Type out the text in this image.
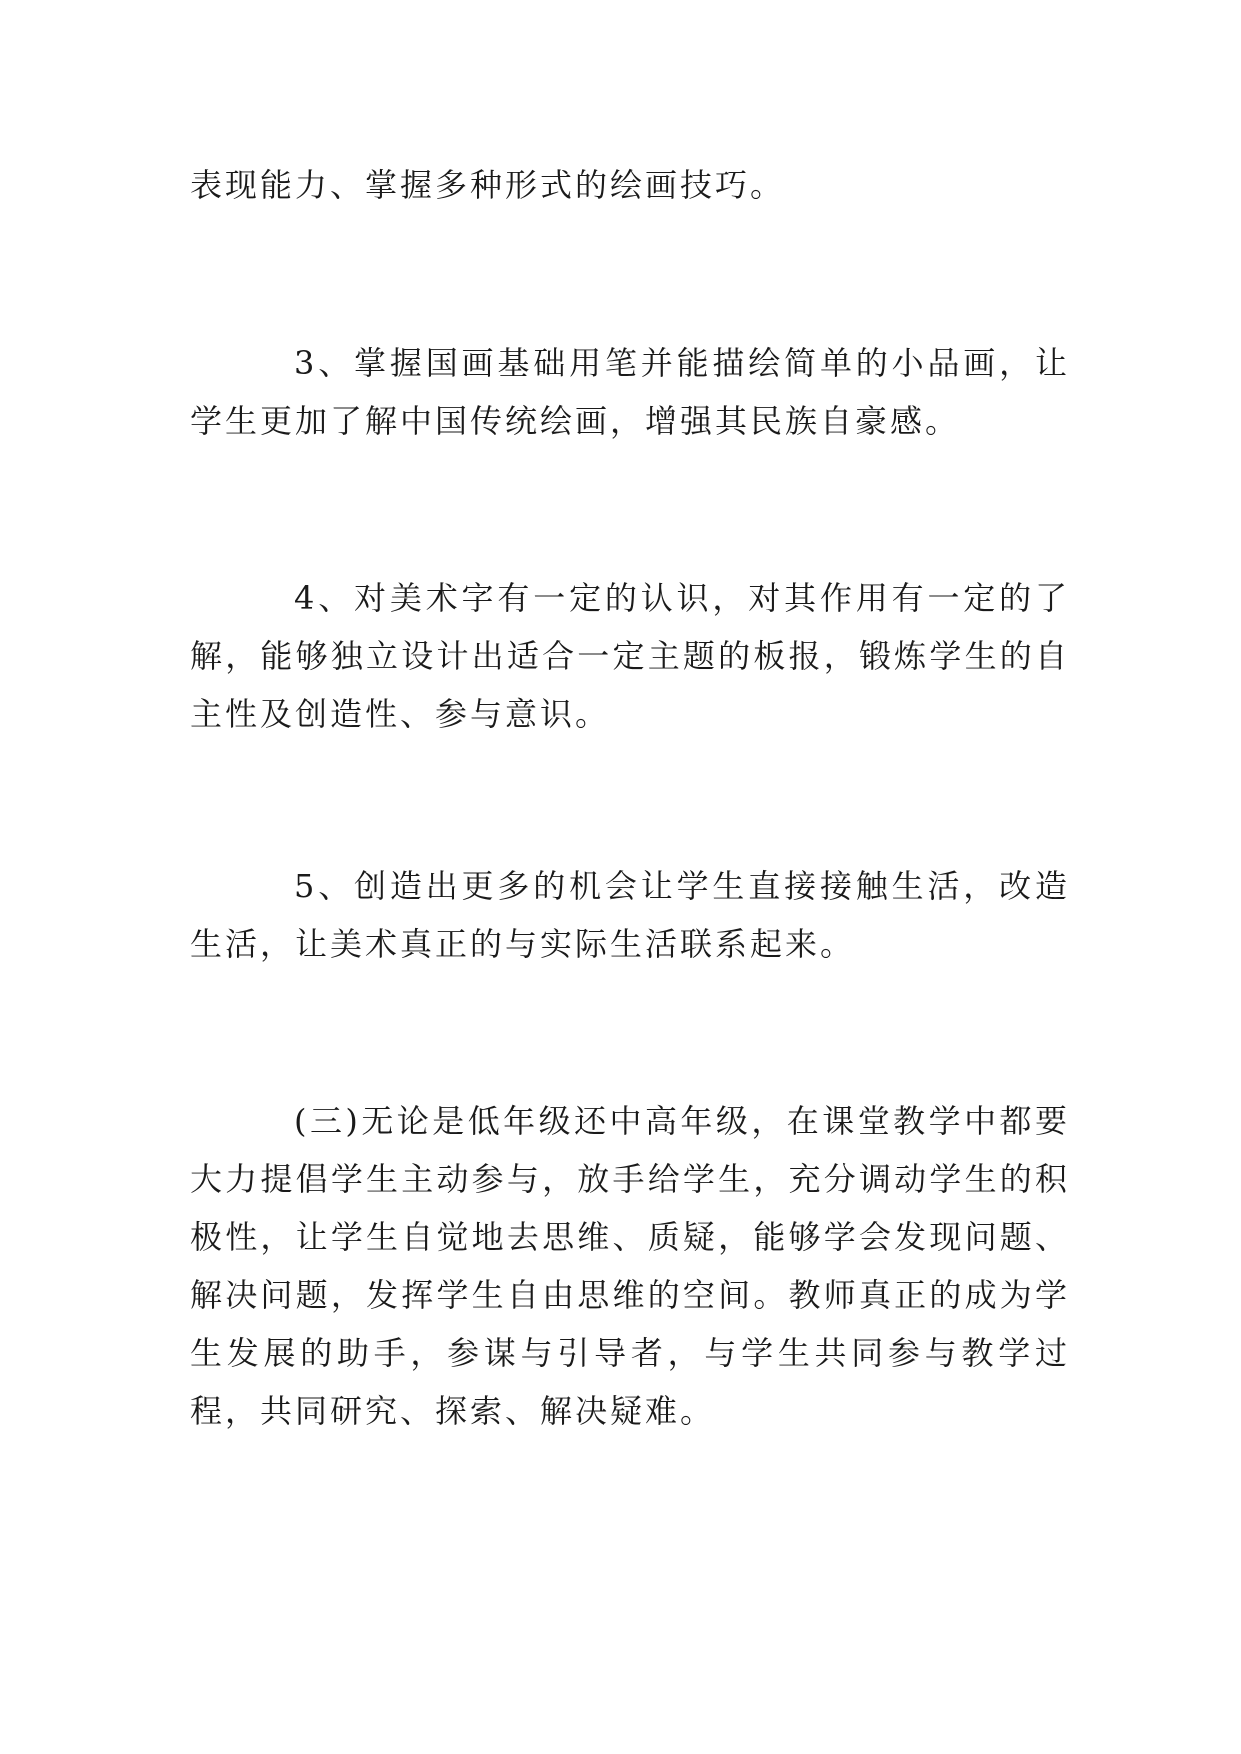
表现能力、掌握多种形式的绘画技巧。

3、掌握国画基础用笔并能描绘简单的小品画，让学生更加了解中国传统绘画，增强其民族自豪感。

4、对美术字有一定的认识，对其作用有一定的了解，能够独立设计出适合一定主题的板报，锻炼学生的自主性及创造性、参与意识。

5、创造出更多的机会让学生直接接触生活，改造生活，让美术真正的与实际生活联系起来。

(三)无论是低年级还中高年级，在课堂教学中都要大力提倡学生主动参与，放手给学生，充分调动学生的积极性，让学生自觉地去思维、质疑，能够学会发现问题、解决问题，发挥学生自由思维的空间。教师真正的成为学生发展的助手，参谋与引导者，与学生共同参与教学过程，共同研究、探索、解决疑难。
